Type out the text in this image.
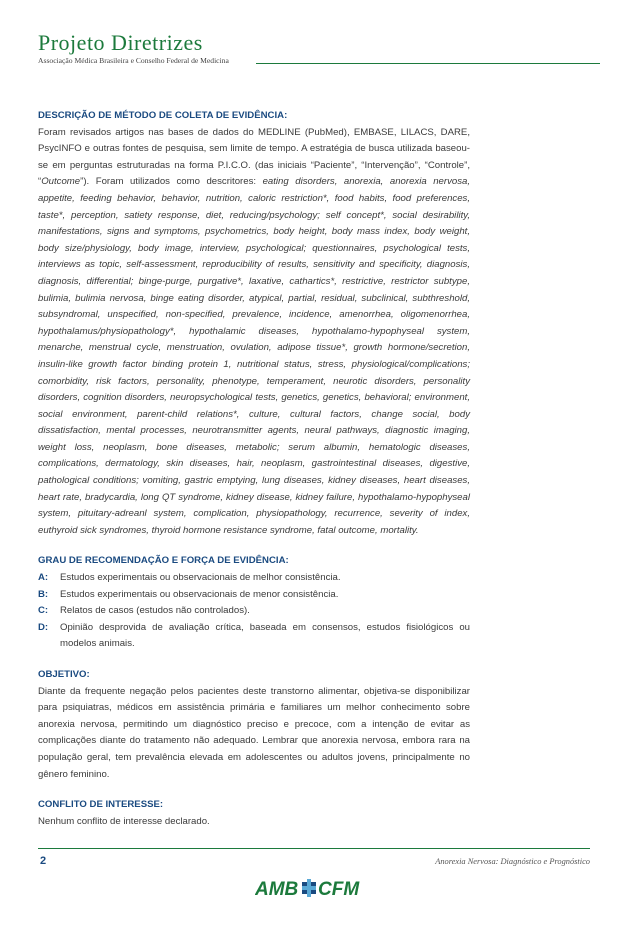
Projeto Diretrizes
Associação Médica Brasileira e Conselho Federal de Medicina

DESCRIÇÃO DE MÉTODO DE COLETA DE EVIDÊNCIA:

Foram revisados artigos nas bases de dados do MEDLINE (PubMed), EMBASE, LILACS, DARE, PsycINFO e outras fontes de pesquisa, sem limite de tempo. A estratégia de busca utilizada baseou-se em perguntas estruturadas na forma P.I.C.O. (das iniciais “Paciente”, “Intervenção”, “Controle”, “Outcome”). Foram utilizados como descritores: eating disorders, anorexia, anorexia nervosa, appetite, feeding behavior, behavior, nutrition, caloric restriction*, food habits, food preferences, taste*, perception, satiety response, diet, reducing/psychology; self concept*, social desirability, manifestations, signs and symptoms, psychometrics, body height, body mass index, body weight, body size/physiology, body image, interview, psychological; questionnaires, psychological tests, interviews as topic, self-assessment, reproducibility of results, sensitivity and specificity, diagnosis, diagnosis, differential; binge-purge, purgative*, laxative, cathartics*, restrictive, restrictor subtype, bulimia, bulimia nervosa, binge eating disorder, atypical, partial, residual, subclinical, subthreshold, subsyndromal, unspecified, non-specified, prevalence, incidence, amenorrhea, oligomenorrhea, hypothalamus/physiopathology*, hypothalamic diseases, hypothalamo-hypophyseal system, menarche, menstrual cycle, menstruation, ovulation, adipose tissue*, growth hormone/secretion, insulin-like growth factor binding protein 1, nutritional status, stress, physiological/complications; comorbidity, risk factors, personality, phenotype, temperament, neurotic disorders, personality disorders, cognition disorders, neuropsychological tests, genetics, genetics, behavioral; environment, social environment, parent-child relations*, culture, cultural factors, change social, body dissatisfaction, mental processes, neurotransmitter agents, neural pathways, diagnostic imaging, weight loss, neoplasm, bone diseases, metabolic; serum albumin, hematologic diseases, complications, dermatology, skin diseases, hair, neoplasm, gastrointestinal diseases, digestive, pathological conditions; vomiting, gastric emptying, lung diseases, kidney diseases, heart diseases, heart rate, bradycardia, long QT syndrome, kidney disease, kidney failure, hypothalamo-hypophyseal system, pituitary-adreanl system, complication, physiopathology, recurrence, severity of index, euthyroid sick syndromes, thyroid hormone resistance syndrome, fatal outcome, mortality.

GRAU DE RECOMENDAÇÃO E FORÇA DE EVIDÊNCIA:

A:	Estudos experimentais ou observacionais de melhor consistência.
B:	Estudos experimentais ou observacionais de menor consistência.
C:	Relatos de casos (estudos não controlados).
D:	Opinião desprovida de avaliação crítica, baseada em consensos, estudos fisiológicos ou modelos animais.

OBJETIVO:

Diante da frequente negação pelos pacientes deste transtorno alimentar, objetiva-se disponibilizar para psiquiatras, médicos em assistência primária e familiares um melhor conhecimento sobre anorexia nervosa, permitindo um diagnóstico preciso e precoce, com a intenção de evitar as complicações diante do tratamento não adequado. Lembrar que anorexia nervosa, embora rara na população geral, tem prevalência elevada em adolescentes ou adultos jovens, principalmente no gênero feminino.

CONFLITO DE INTERESSE:

Nenhum conflito de interesse declarado.

2	Anorexia Nervosa: Diagnóstico e Prognóstico
AMB CFM
